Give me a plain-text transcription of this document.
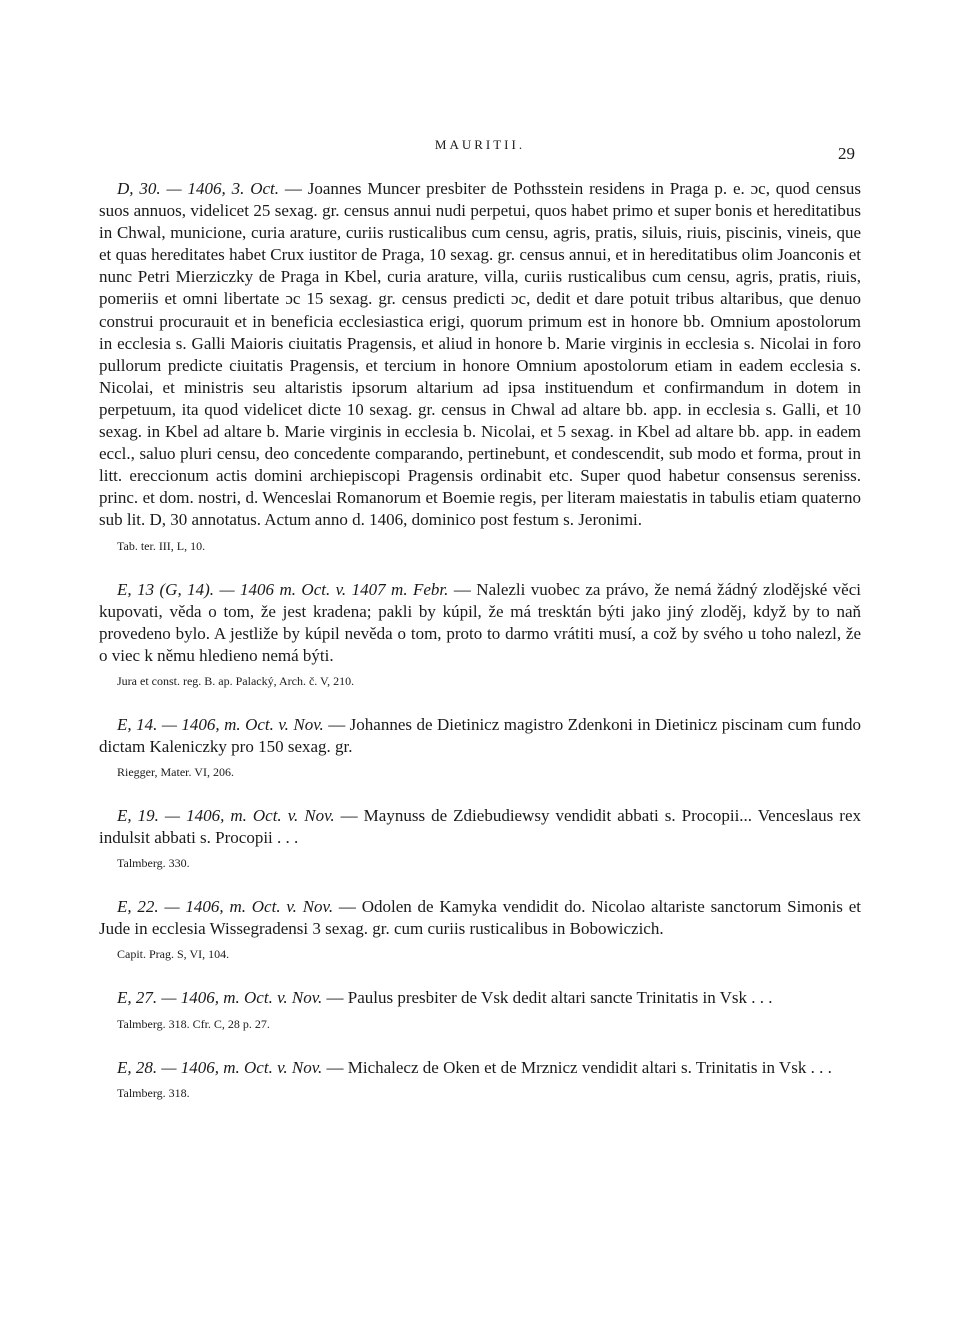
MAURITII.	29

D, 30. — 1406, 3. Oct. — Joannes Muncer presbiter de Pothsstein residens in Praga p. e. ɔc, quod census suos annuos, videlicet 25 sexag. gr. census annui nudi perpetui, quos habet primo et super bonis et hereditatibus in Chwal, municione, curia arature, curiis rusticalibus cum censu, agris, pratis, siluis, riuis, piscinis, vineis, que et quas hereditates habet Crux iustitor de Praga, 10 sexag. gr. census annui, et in hereditatibus olim Joanconis et nunc Petri Mierziczky de Praga in Kbel, curia arature, villa, curiis rusticalibus cum censu, agris, pratis, riuis, pomeriis et omni libertate ɔc 15 sexag. gr. census predicti ɔc, dedit et dare potuit tribus altaribus, que denuo construi procurauit et in beneficia ecclesiastica erigi, quorum primum est in honore bb. Omnium apostolorum in ecclesia s. Galli Maioris ciuitatis Pragensis, et aliud in honore b. Marie virginis in ecclesia s. Nicolai in foro pullorum predicte ciuitatis Pragensis, et tercium in honore Omnium apostolorum etiam in eadem ecclesia s. Nicolai, et ministris seu altaristis ipsorum altarium ad ipsa instituendum et confirmandum in dotem in perpetuum, ita quod videlicet dicte 10 sexag. gr. census in Chwal ad altare bb. app. in ecclesia s. Galli, et 10 sexag. in Kbel ad altare b. Marie virginis in ecclesia b. Nicolai, et 5 sexag. in Kbel ad altare bb. app. in eadem eccl., saluo pluri censu, deo concedente comparando, pertinebunt, et condescendit, sub modo et forma, prout in litt. ereccionum actis domini archiepiscopi Pragensis ordinabit etc. Super quod habetur consensus sereniss. princ. et dom. nostri, d. Wenceslai Romanorum et Boemie regis, per literam maiestatis in tabulis etiam quaterno sub lit. D, 30 annotatus. Actum anno d. 1406, dominico post festum s. Jeronimi.

Tab. ter. III, L, 10.

E, 13 (G, 14). — 1406 m. Oct. v. 1407 m. Febr. — Nalezli vuobec za právo, že nemá žádný zlodějské věci kupovati, věda o tom, že jest kradena; pakli by kúpil, že má tresktán býti jako jiný zloděj, když by to naň provedeno bylo. A jestliže by kúpil nevěda o tom, proto to darmo vrátiti musí, a což by svého u toho nalezl, že o viec k němu hledieno nemá býti.

Jura et const. reg. B. ap. Palacký, Arch. č. V, 210.

E, 14. — 1406, m. Oct. v. Nov. — Johannes de Dietinicz magistro Zdenkoni in Dietinicz piscinam cum fundo dictam Kaleniczky pro 150 sexag. gr.

Riegger, Mater. VI, 206.

E, 19. — 1406, m. Oct. v. Nov. — Maynuss de Zdiebudiewsy vendidit abbati s. Procopii... Venceslaus rex indulsit abbati s. Procopii . . .

Talmberg. 330.

E, 22. — 1406, m. Oct. v. Nov. — Odolen de Kamyka vendidit do. Nicolao altariste sanctorum Simonis et Jude in ecclesia Wissegradensi 3 sexag. gr. cum curiis rusticalibus in Bobowiczich.

Capit. Prag. S, VI, 104.

E, 27. — 1406, m. Oct. v. Nov. — Paulus presbiter de Vsk dedit altari sancte Trinitatis in Vsk . . .

Talmberg. 318. Cfr. C, 28 p. 27.

E, 28. — 1406, m. Oct. v. Nov. — Michalecz de Oken et de Mrznicz vendidit altari s. Trinitatis in Vsk . . .

Talmberg. 318.
